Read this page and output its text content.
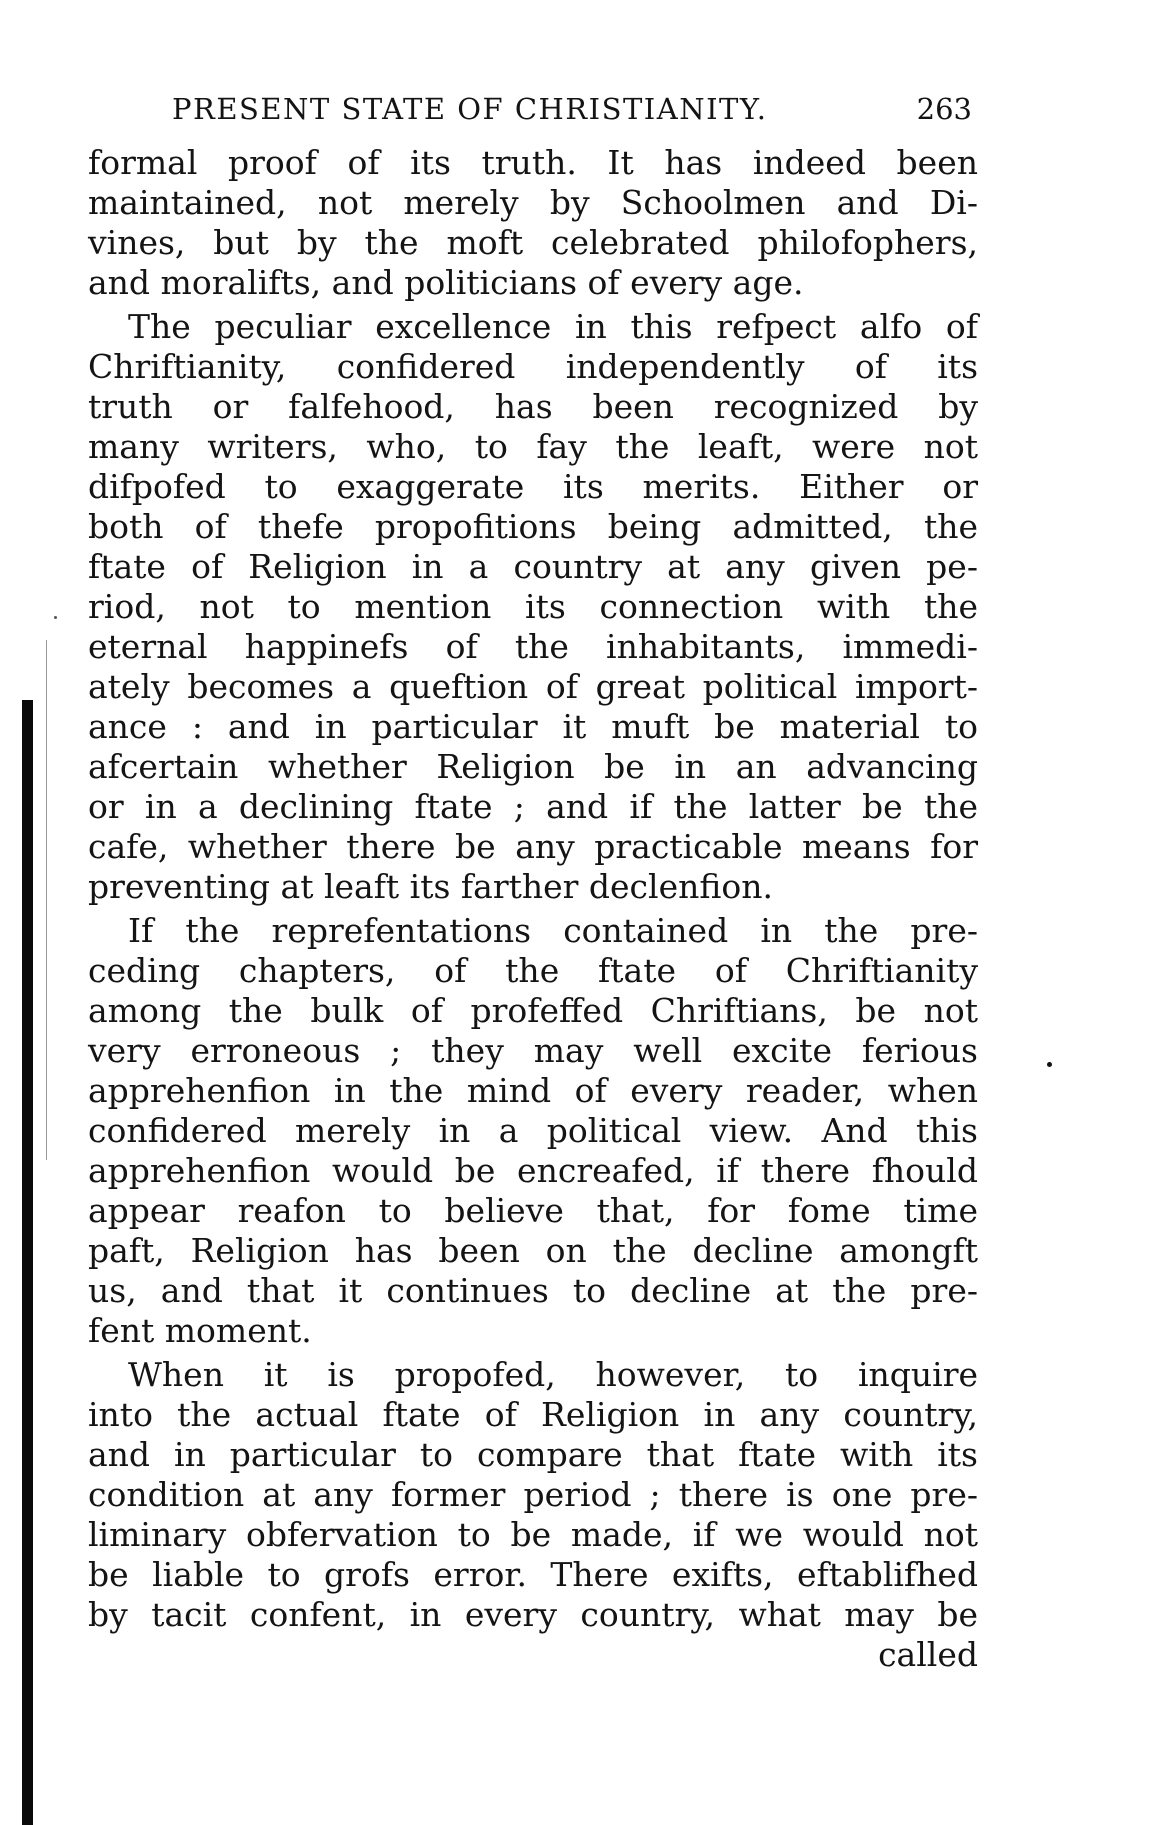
PRESENT STATE OF CHRISTIANITY.	263
formal proof of its truth. It has indeed been
maintained, not merely by Schoolmen and Di-
vines, but by the moft celebrated philofophers,
and moralifts, and politicians of every age.
The peculiar excellence in this refpect alfo of
Chriftianity, confidered independently of its
truth or falfehood, has been recognized by
many writers, who, to fay the leaft, were not
difpofed to exaggerate its merits. Either or
both of thefe propofitions being admitted, the
ftate of Religion in a country at any given pe-
riod, not to mention its connection with the
eternal happinefs of the inhabitants, immedi-
ately becomes a queftion of great political import-
ance : and in particular it muft be material to
afcertain whether Religion be in an advancing
or in a declining ftate ; and if the latter be the
cafe, whether there be any practicable means for
preventing at leaft its farther declenfion.
If the reprefentations contained in the pre-
ceding chapters, of the ftate of Chriftianity
among the bulk of profeffed Chriftians, be not
very erroneous ; they may well excite ferious
apprehenfion in the mind of every reader, when
confidered merely in a political view. And this
apprehenfion would be encreafed, if there fhould
appear reafon to believe that, for fome time
paft, Religion has been on the decline amongft
us, and that it continues to decline at the pre-
fent moment.
When it is propofed, however, to inquire
into the actual ftate of Religion in any country,
and in particular to compare that ftate with its
condition at any former period ; there is one pre-
liminary obfervation to be made, if we would not
be liable to grofs error. There exifts, eftablifhed
by tacit confent, in every country, what may be
called
